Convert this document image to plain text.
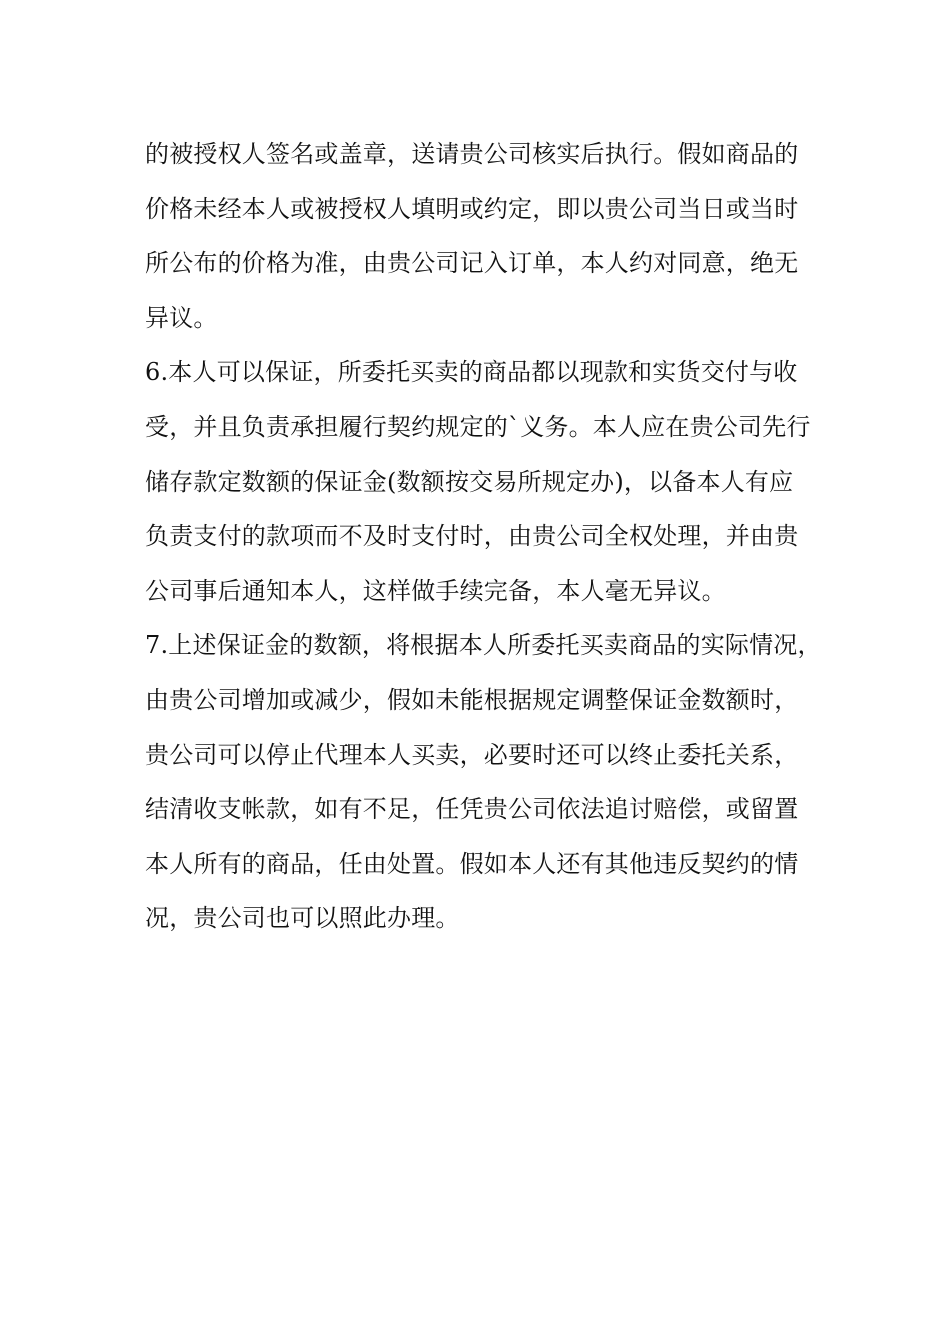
的被授权人签名或盖章，送请贵公司核实后执行。假如商品的
价格未经本人或被授权人填明或约定，即以贵公司当日或当时
所公布的价格为准，由贵公司记入订单，本人约对同意，绝无
异议。
6.本人可以保证，所委托买卖的商品都以现款和实货交付与收
受，并且负责承担履行契约规定的`义务。本人应在贵公司先行
储存款定数额的保证金(数额按交易所规定办)，以备本人有应
负责支付的款项而不及时支付时，由贵公司全权处理，并由贵
公司事后通知本人，这样做手续完备，本人毫无异议。
7.上述保证金的数额，将根据本人所委托买卖商品的实际情况，
由贵公司增加或减少，假如未能根据规定调整保证金数额时，
贵公司可以停止代理本人买卖，必要时还可以终止委托关系，
结清收支帐款，如有不足，任凭贵公司依法追讨赔偿，或留置
本人所有的商品，任由处置。假如本人还有其他违反契约的情
况，贵公司也可以照此办理。
